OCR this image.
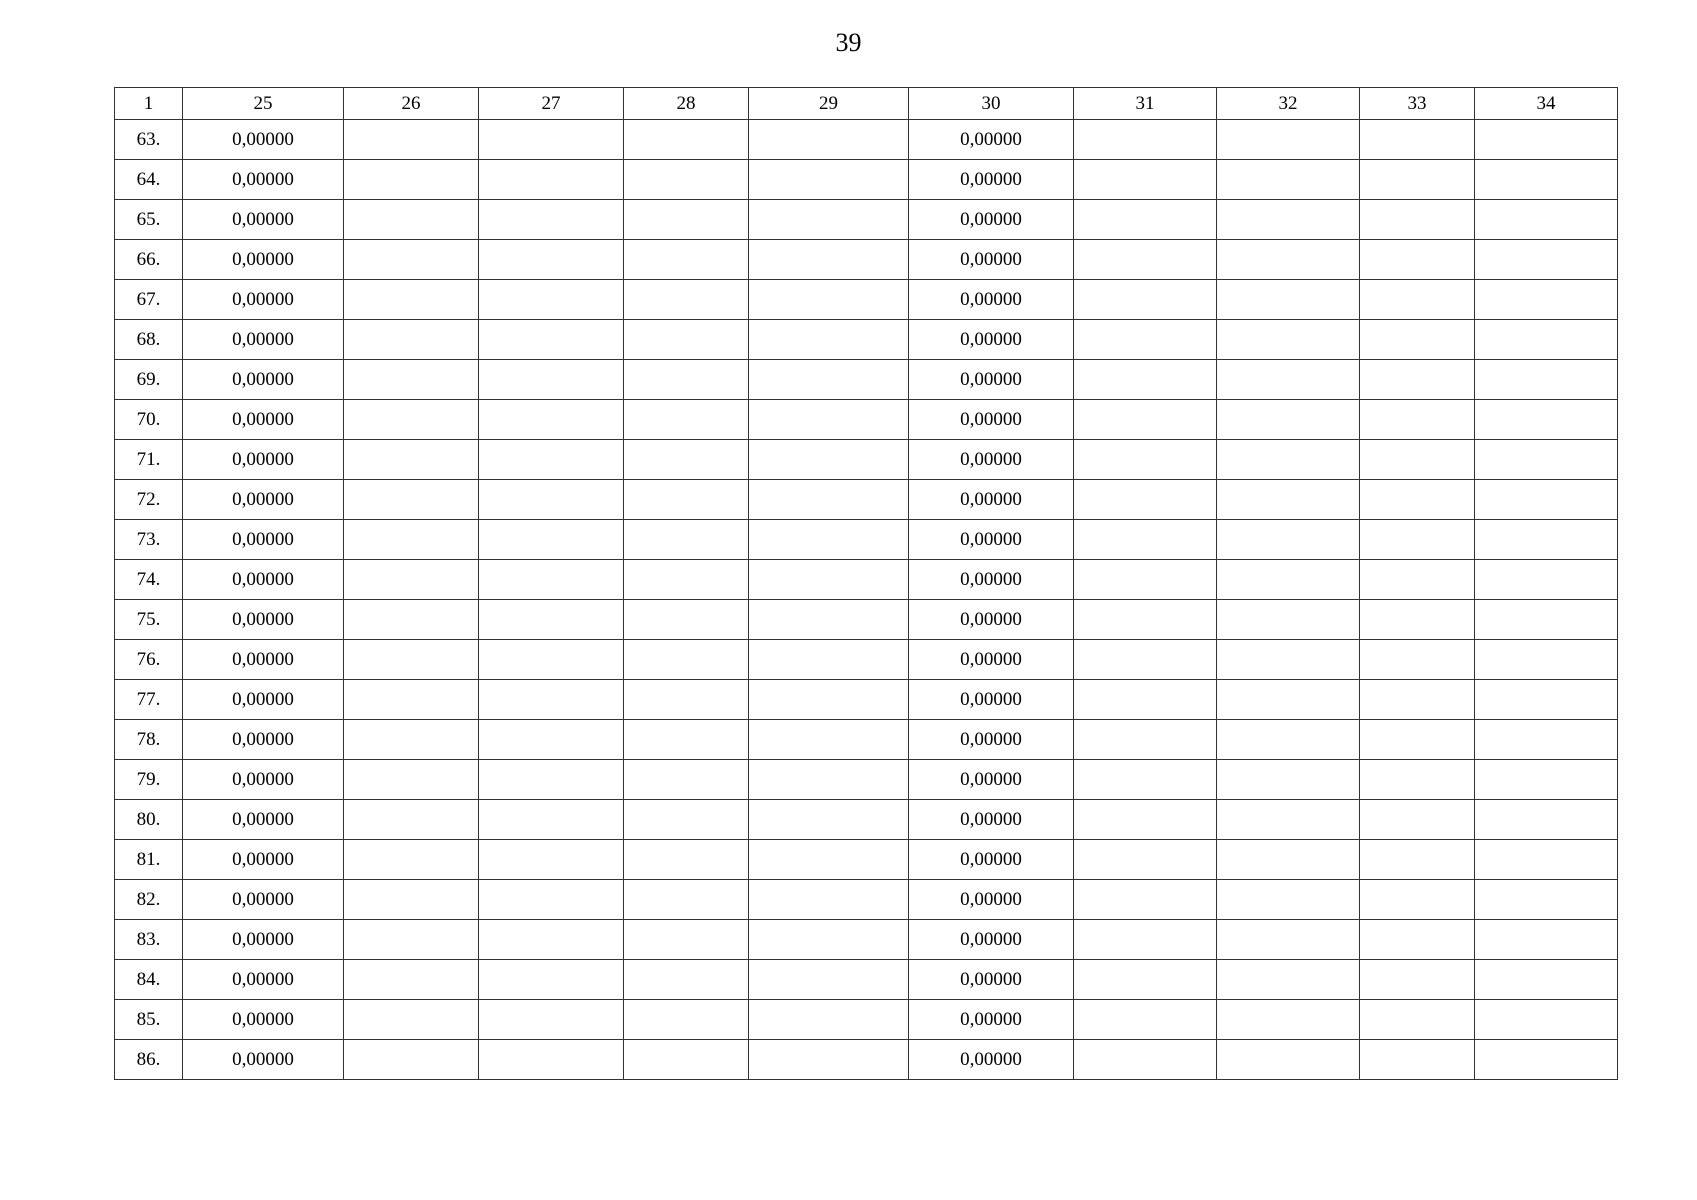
39
1	25	26	27	28	29	30	31	32	33	34
63.	0,00000					0,00000				
64.	0,00000					0,00000				
65.	0,00000					0,00000				
66.	0,00000					0,00000				
67.	0,00000					0,00000				
68.	0,00000					0,00000				
69.	0,00000					0,00000				
70.	0,00000					0,00000				
71.	0,00000					0,00000				
72.	0,00000					0,00000				
73.	0,00000					0,00000				
74.	0,00000					0,00000				
75.	0,00000					0,00000				
76.	0,00000					0,00000				
77.	0,00000					0,00000				
78.	0,00000					0,00000				
79.	0,00000					0,00000				
80.	0,00000					0,00000				
81.	0,00000					0,00000				
82.	0,00000					0,00000				
83.	0,00000					0,00000				
84.	0,00000					0,00000				
85.	0,00000					0,00000				
86.	0,00000					0,00000				
